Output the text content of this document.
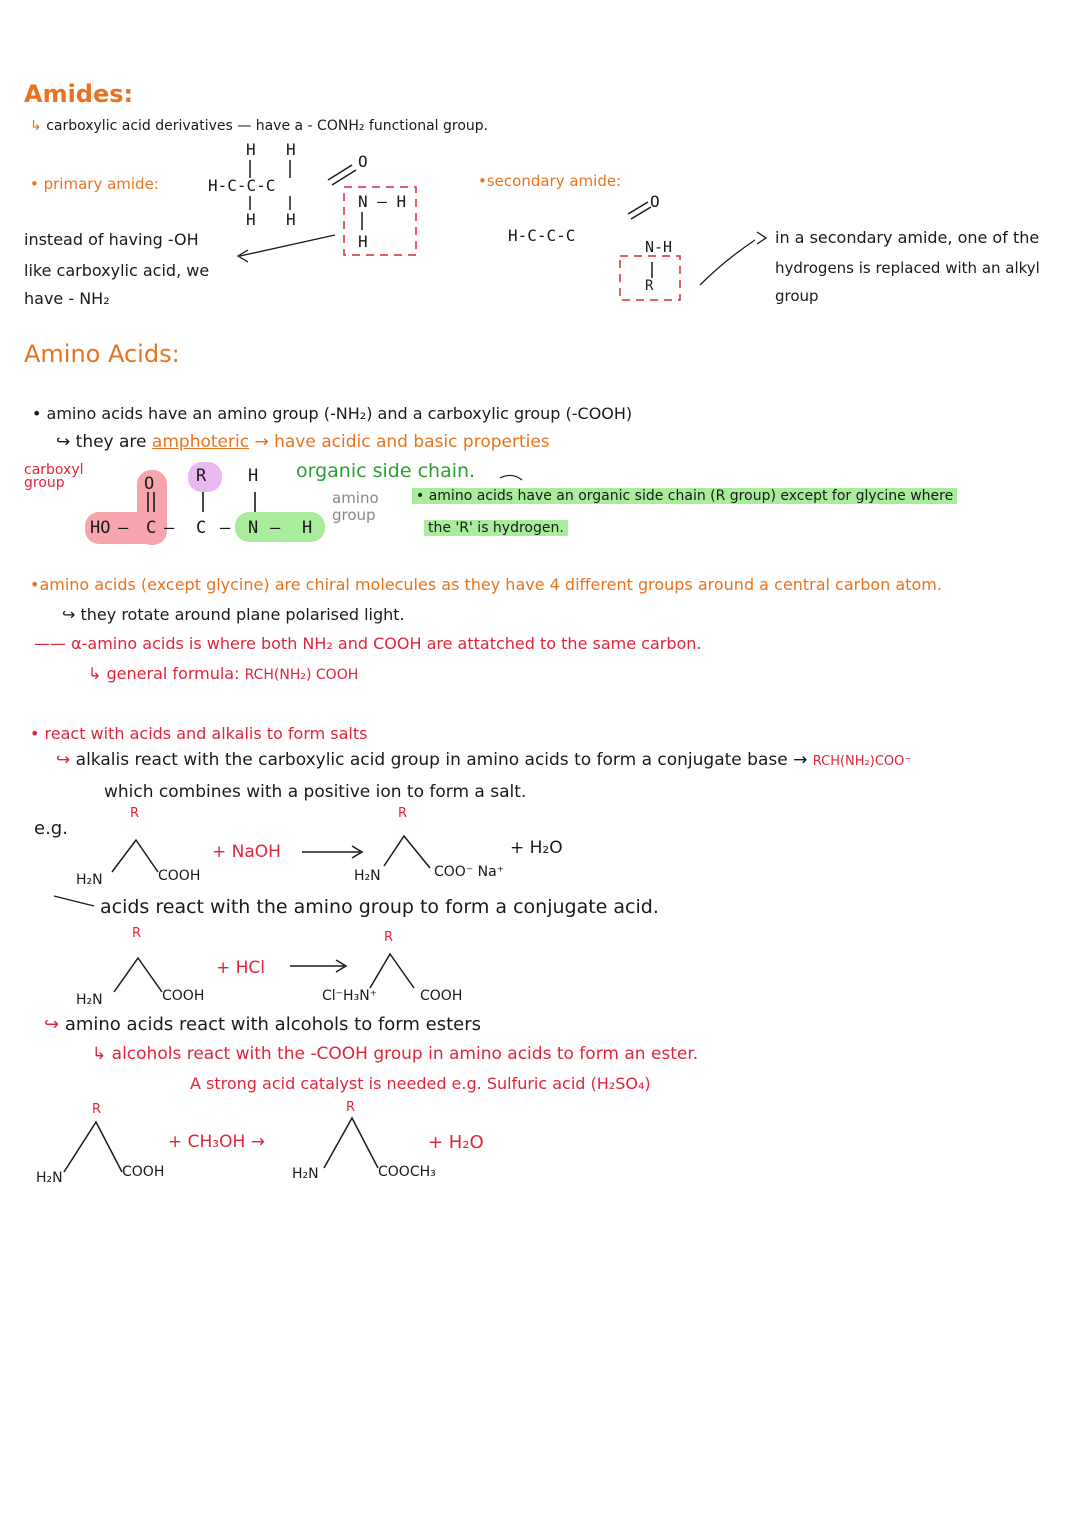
Amides:
↳ carboxylic acid derivatives — have a - CONH₂ functional group.
• primary amide:
H H
H-C-C-C
H H
O
N — H
H
instead of having -OH
like carboxylic acid, we
have - NH₂
•secondary amide:
H-C-C-C
O
N-H
R
in a secondary amide, one of the
hydrogens is replaced with an alkyl
group
Amino Acids:
• amino acids have an amino group (-NH₂) and a carboxylic group (-COOH)
↪ they are amphoteric → have acidic and basic properties
carboxyl
group	O R H
HO — C — C — N — H
organic side chain.
amino
group
• amino acids have an organic side chain (R group) except for glycine where
the 'R' is hydrogen.
•amino acids (except glycine) are chiral molecules as they have 4 different groups around a central carbon atom.
↪ they rotate around plane polarised light.
—— α-amino acids is where both NH₂ and COOH are attatched to the same carbon.
↳ general formula: RCH(NH₂) COOH
• react with acids and alkalis to form salts
↪ alkalis react with the carboxylic acid group in amino acids to form a conjugate base → RCH(NH₂)COO⁻
which combines with a positive ion to form a salt.
e.g.
R
H₂N	COOH
+ NaOH
R
H₂N	COO⁻ Na⁺
+ H₂O
acids react with the amino group to form a conjugate acid.
R
H₂N	COOH
+ HCl
R
Cl⁻H₃N⁺	COOH
↪ amino acids react with alcohols to form esters
↳ alcohols react with the -COOH group in amino acids to form an ester.
A strong acid catalyst is needed e.g. Sulfuric acid (H₂SO₄)
R
H₂N	COOH
+ CH₃OH →
R
H₂N	COOCH₃
+ H₂O
